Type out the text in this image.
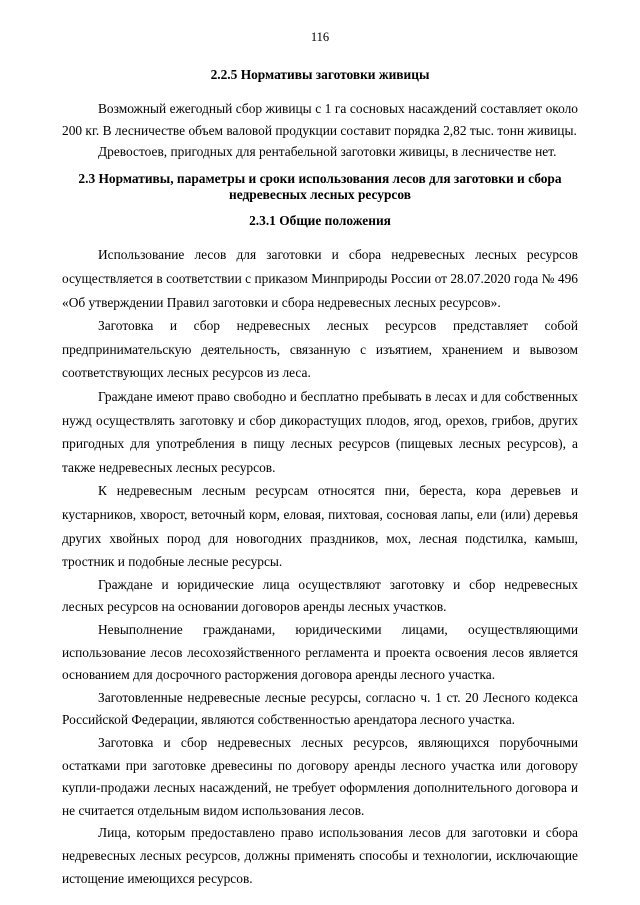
116

2.2.5 Нормативы заготовки живицы

Возможный ежегодный сбор живицы с 1 га сосновых насаждений составляет около 200 кг. В лесничестве объем валовой продукции составит порядка 2,82 тыс. тонн живицы.

Древостоев, пригодных для рентабельной заготовки живицы, в лесничестве нет.

2.3 Нормативы, параметры и сроки использования лесов для заготовки и сбора недревесных лесных ресурсов

2.3.1 Общие положения

Использование лесов для заготовки и сбора недревесных лесных ресурсов осуществляется в соответствии с приказом Минприроды России от 28.07.2020 года № 496 «Об утверждении Правил заготовки и сбора недревесных лесных ресурсов».

Заготовка и сбор недревесных лесных ресурсов представляет собой предпринимательскую деятельность, связанную с изъятием, хранением и вывозом соответствующих лесных ресурсов из леса.

Граждане имеют право свободно и бесплатно пребывать в лесах и для собственных нужд осуществлять заготовку и сбор дикорастущих плодов, ягод, орехов, грибов, других пригодных для употребления в пищу лесных ресурсов (пищевых лесных ресурсов), а также недревесных лесных ресурсов.

К недревесным лесным ресурсам относятся пни, береста, кора деревьев и кустарников, хворост, веточный корм, еловая, пихтовая, сосновая лапы, ели (или) деревья других хвойных пород для новогодних праздников, мох, лесная подстилка, камыш, тростник и подобные лесные ресурсы.

Граждане и юридические лица осуществляют заготовку и сбор недревесных лесных ресурсов на основании договоров аренды лесных участков.

Невыполнение гражданами, юридическими лицами, осуществляющими использование лесов лесохозяйственного регламента и проекта освоения лесов является основанием для досрочного расторжения договора аренды лесного участка.

Заготовленные недревесные лесные ресурсы, согласно ч. 1 ст. 20 Лесного кодекса Российской Федерации, являются собственностью арендатора лесного участка.

Заготовка и сбор недревесных лесных ресурсов, являющихся порубочными остатками при заготовке древесины по договору аренды лесного участка или договору купли-продажи лесных насаждений, не требует оформления дополнительного договора и не считается отдельным видом использования лесов.

Лица, которым предоставлено право использования лесов для заготовки и сбора недревесных лесных ресурсов, должны применять способы и технологии, исключающие истощение имеющихся ресурсов.
